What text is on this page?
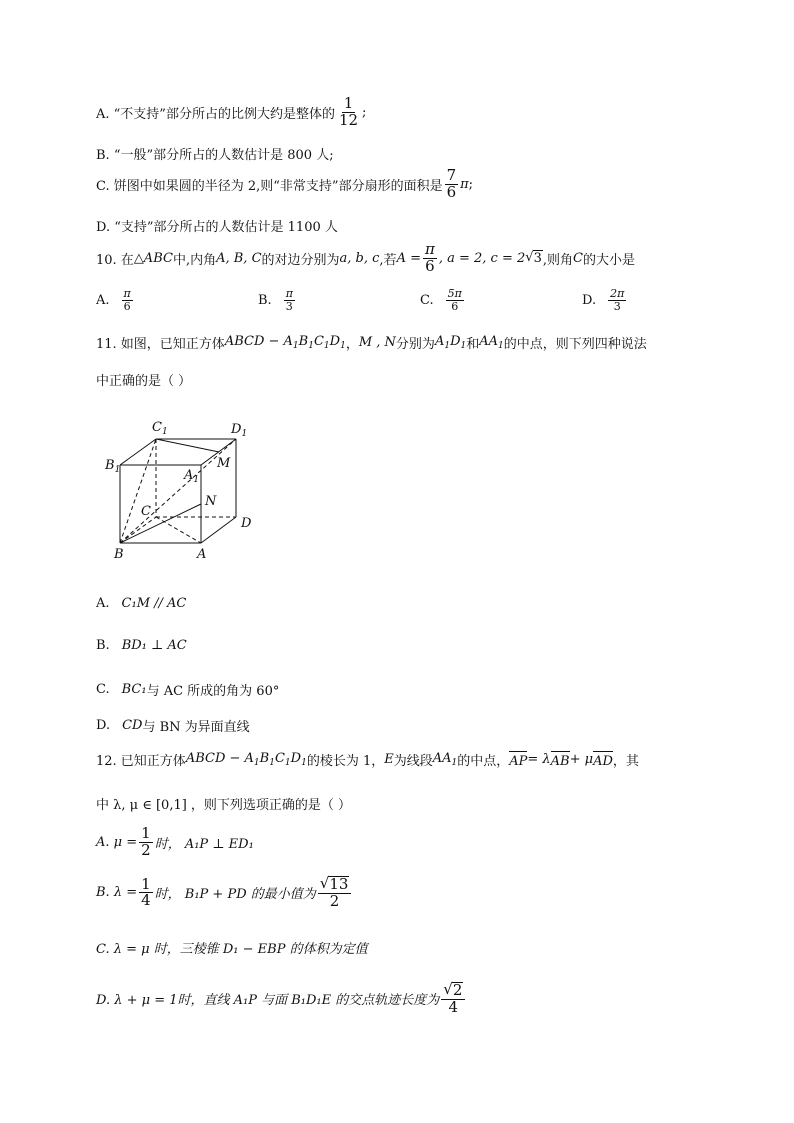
A. “不支持”部分所占的比例大约是整体的 $\frac{1}{12}$ ;
B. “一般”部分所占的人数估计是 800 人;
C. 饼图中如果圆的半径为 2,则“非常支持”部分扇形的面积是 $\frac{7}{6}$ π ;
D. “支持”部分所占的人数估计是 1100 人
10. 在 △ABC 中,内角 A, B, C 的对边分别为 a, b, c ,若 $A = \frac{\pi}{6}$ , a = 2, c = 2 √ 3 ,则角 C 的大小是
A. $\frac{\pi}{6}$	B. $\frac{\pi}{3}$	C. $\frac{5\pi}{6}$	D. $\frac{2\pi}{3}$
11. 如图，已知正方体 ABCD − $A_1B_1C_1D_1$ ， M , N 分别为 $A_1D_1$ 和 $AA_1$ 的中点，则下列四种说法
中正确的是（ ）
$C_1$	$D_1$
$B_1$	M
$A_1$
C
N
D
B	A
A. C₁M // AC
B. BD₁ ⊥ AC
C. BC₁ 与 AC 所成的角为 60°
D. CD 与 BN 为异面直线
12. 已知正方体 ABCD − $A_1B_1C_1D_1$ 的棱长为 1， E 为线段 $AA_1$ 的中点， AP = λ AB + μ AD ，其
中 λ, μ ∈ [0,1] ，则下列选项正确的是（ ）
A. $\mu = \frac{1}{2}$ 时， A₁P ⊥ ED₁
B. $\lambda = \frac{1}{4}$ 时， B₁P + PD 的最小值为 $\frac{√ 13}{2}$
C. λ = μ 时，三棱锥 D₁ − EBP 的体积为定值
D. λ + μ = 1时，直线 A₁P 与面 B₁D₁E 的交点轨迹长度为 $\frac{√ 2}{4}$
